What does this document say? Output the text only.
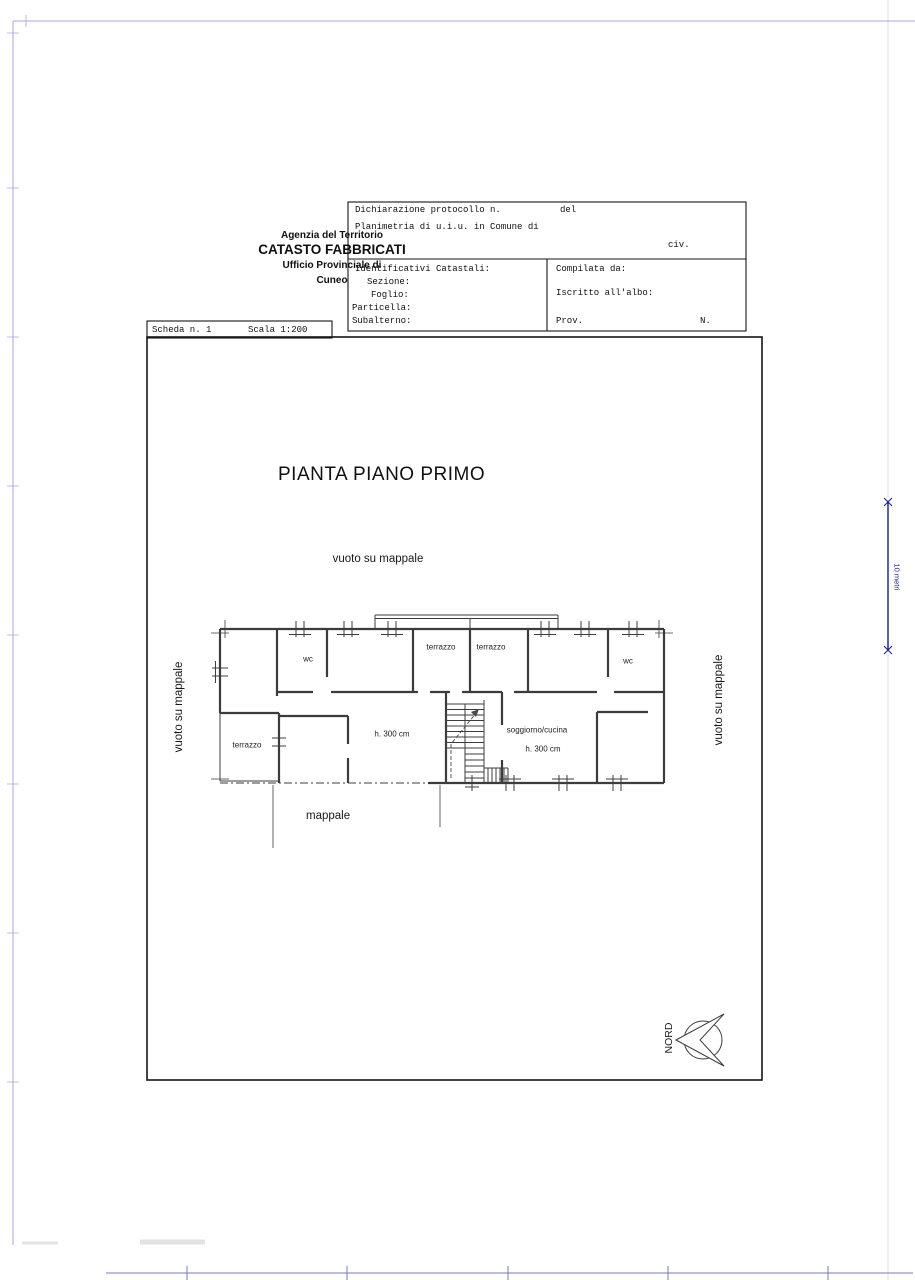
Agenzia del Territorio
CATASTO FABBRICATI
Ufficio Provinciale di
Cuneo
Dichiarazione protocollo n.	del
Planimetria di u.i.u. in Comune di
civ.
Identificativi Catastali:
Sezione:
Foglio:
Particella:
Subalterno:
Compilata da:
Iscritto all'albo:
Prov.	N.
Scheda n. 1	Scala 1:200
PIANTA PIANO PRIMO
vuoto su mappale
vuoto su mappale	vuoto su mappale
mappale
wc	wc
terrazzo	terrazzo
terrazzo
h. 300 cm	soggiorno/cucina
h. 300 cm
NORD
10 metri
